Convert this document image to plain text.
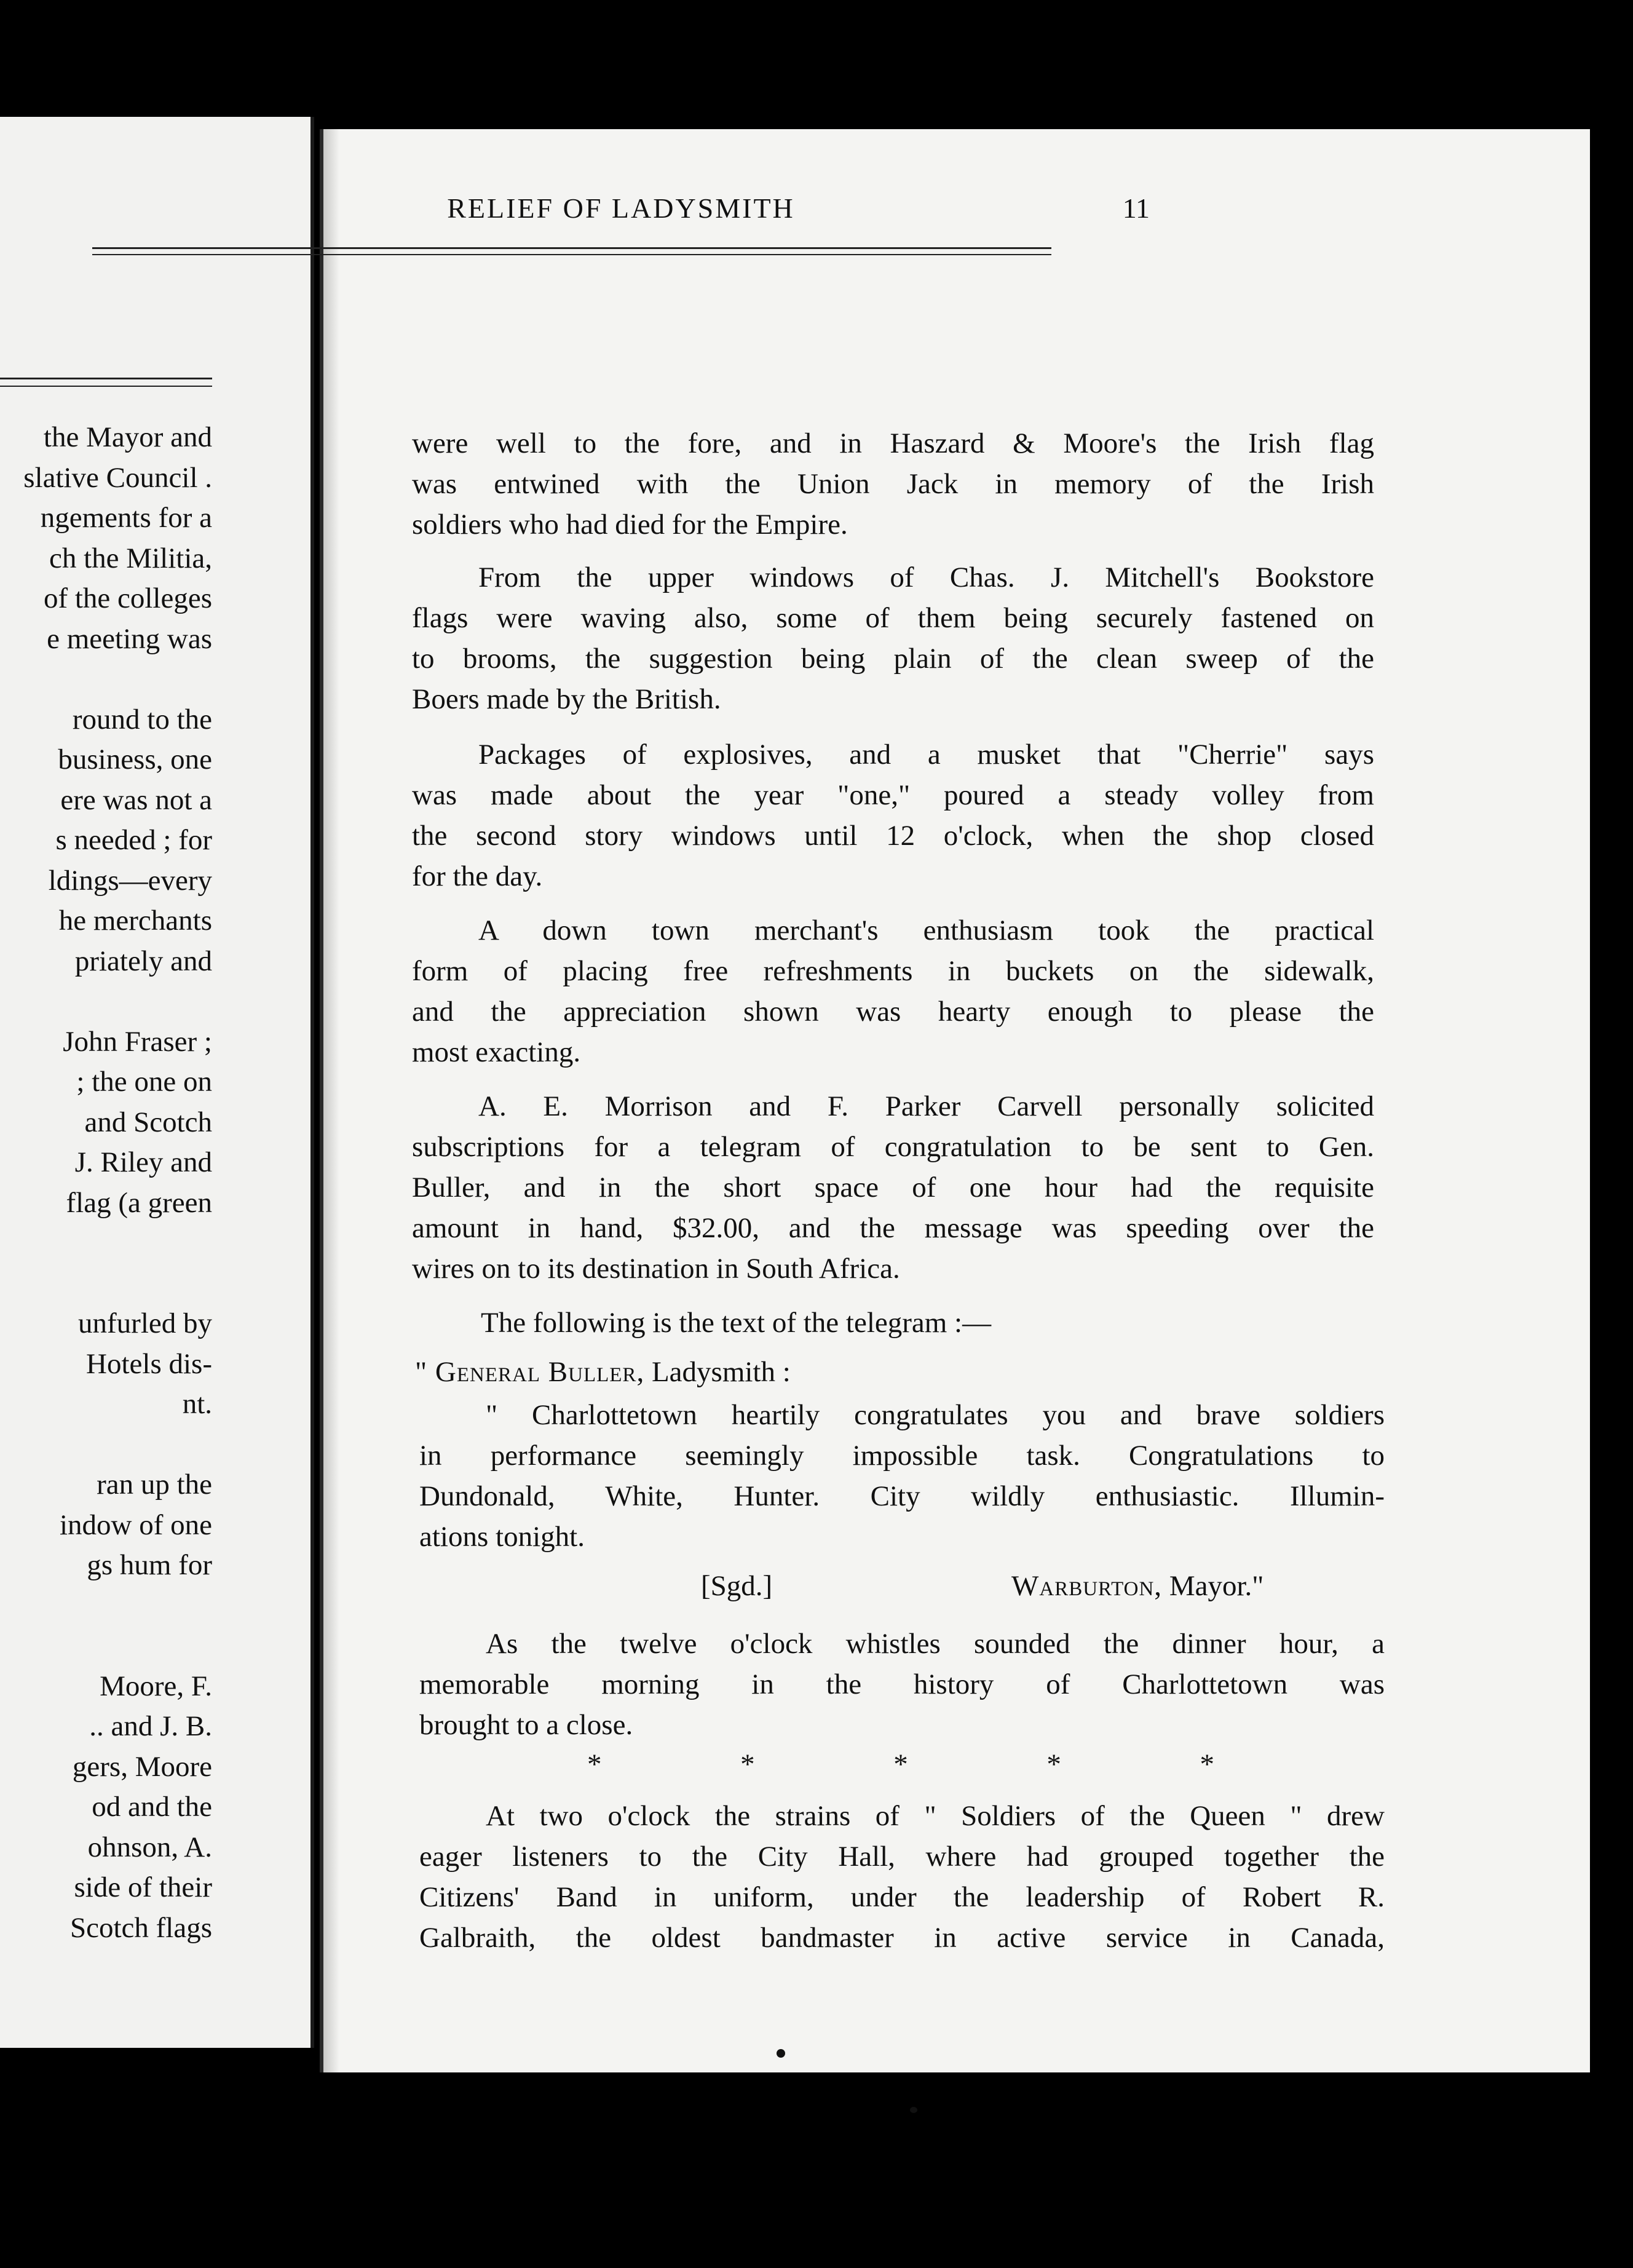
the Mayor and
slative Council .
ngements for a
ch the Militia,
of the colleges
e meeting was
round to the
business, one
ere was not a
s needed ; for
ldings—every
he merchants
priately and
John Fraser ;
; the one on
and Scotch
J. Riley and
flag (a green
unfurled by
Hotels dis-
nt.
ran up the
indow of one
gs hum for
Moore, F.
.. and J. B.
gers, Moore
od and the
ohnson, A.
side of their
Scotch flags
RELIEF OF LADYSMITH	11
were well to the fore, and in Haszard & Moore's the Irish flag
was entwined with the Union Jack in memory of the Irish
soldiers who had died for the Empire.
From the upper windows of Chas. J. Mitchell's Bookstore
flags were waving also, some of them being securely fastened on
to brooms, the suggestion being plain of the clean sweep of the
Boers made by the British.
Packages of explosives, and a musket that "Cherrie" says
was made about the year "one," poured a steady volley from
the second story windows until 12 o'clock, when the shop closed
for the day.
A down town merchant's enthusiasm took the practical
form of placing free refreshments in buckets on the sidewalk,
and the appreciation shown was hearty enough to please the
most exacting.
A. E. Morrison and F. Parker Carvell personally solicited
subscriptions for a telegram of congratulation to be sent to Gen.
Buller, and in the short space of one hour had the requisite
amount in hand, $32.00, and the message was speeding over the
wires on to its destination in South Africa.
The following is the text of the telegram :—
" General Buller, Ladysmith :
" Charlottetown heartily congratulates you and brave soldiers
in performance seemingly impossible task. Congratulations to
Dundonald, White, Hunter. City wildly enthusiastic. Illumin-
ations tonight.
[Sgd.]	Warburton, Mayor."
As the twelve o'clock whistles sounded the dinner hour, a
memorable morning in the history of Charlottetown was
brought to a close.
*	*	*	*	*
At two o'clock the strains of " Soldiers of the Queen " drew
eager listeners to the City Hall, where had grouped together the
Citizens' Band in uniform, under the leadership of Robert R.
Galbraith, the oldest bandmaster in active service in Canada,
